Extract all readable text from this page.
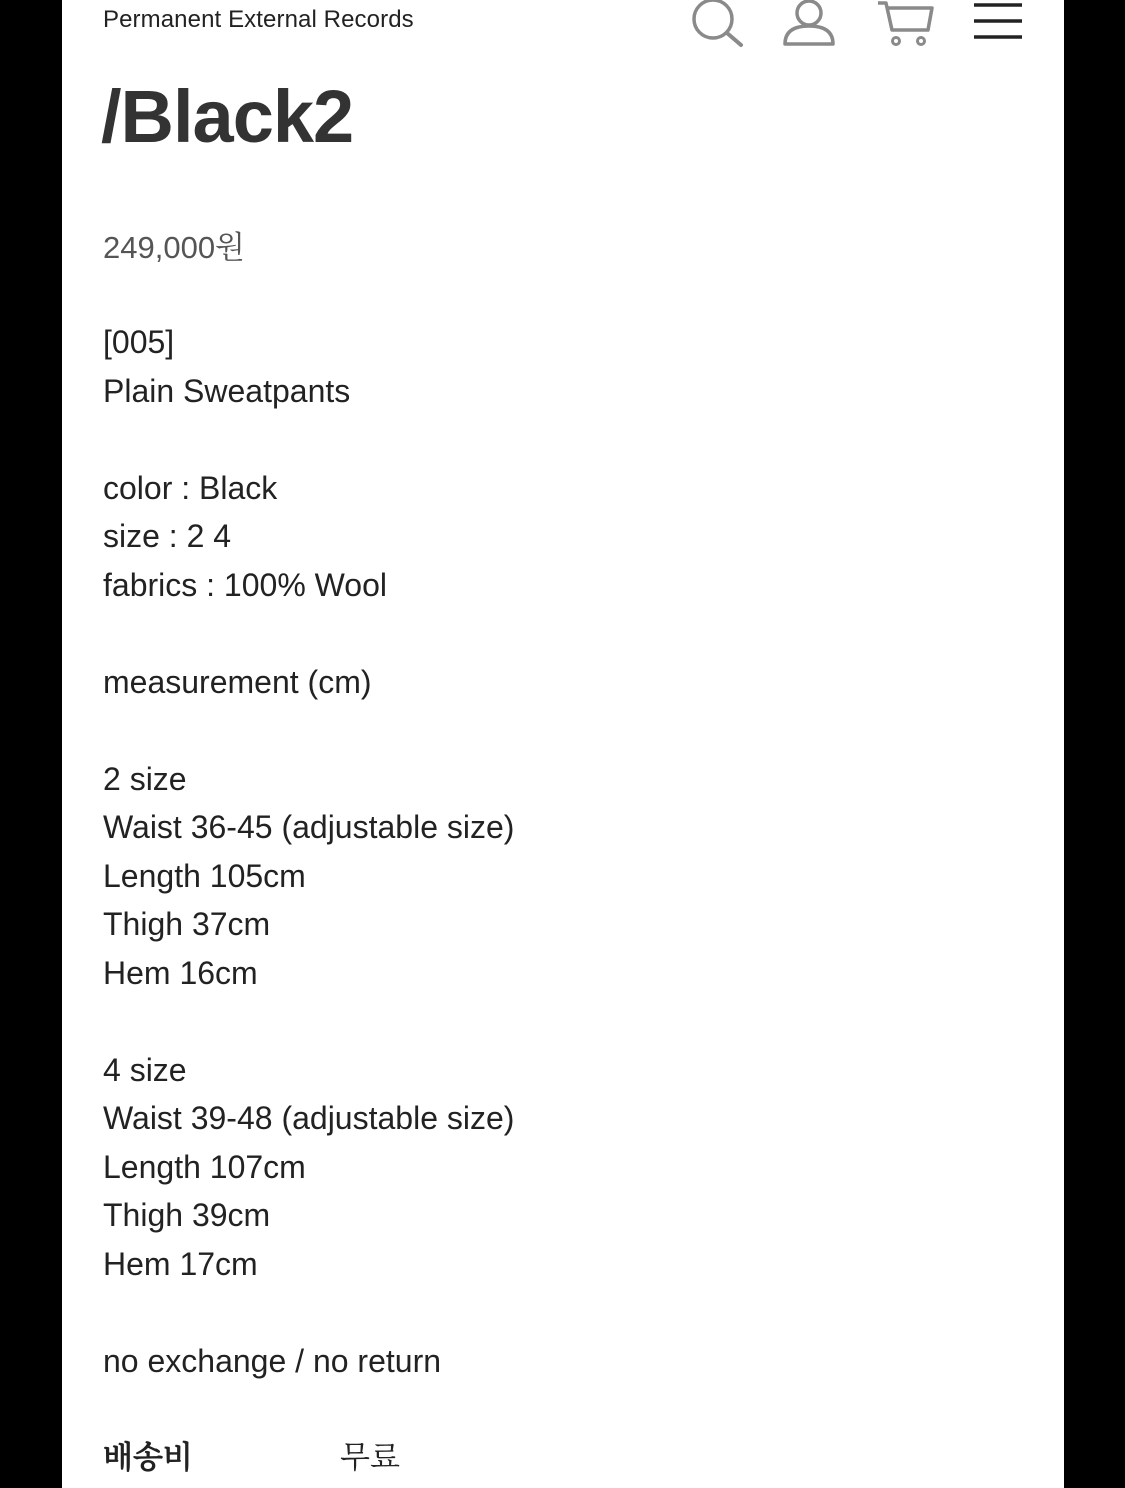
Permanent External Records
/Black2
249,000원
[005]
Plain Sweatpants
color : Black
size : 2 4
fabrics : 100% Wool
measurement (cm)
2 size
Waist 36-45 (adjustable size)
Length 105cm
Thigh 37cm
Hem 16cm
4 size
Waist 39-48 (adjustable size)
Length 107cm
Thigh 39cm
Hem 17cm
no exchange / no return
배송비	무료
